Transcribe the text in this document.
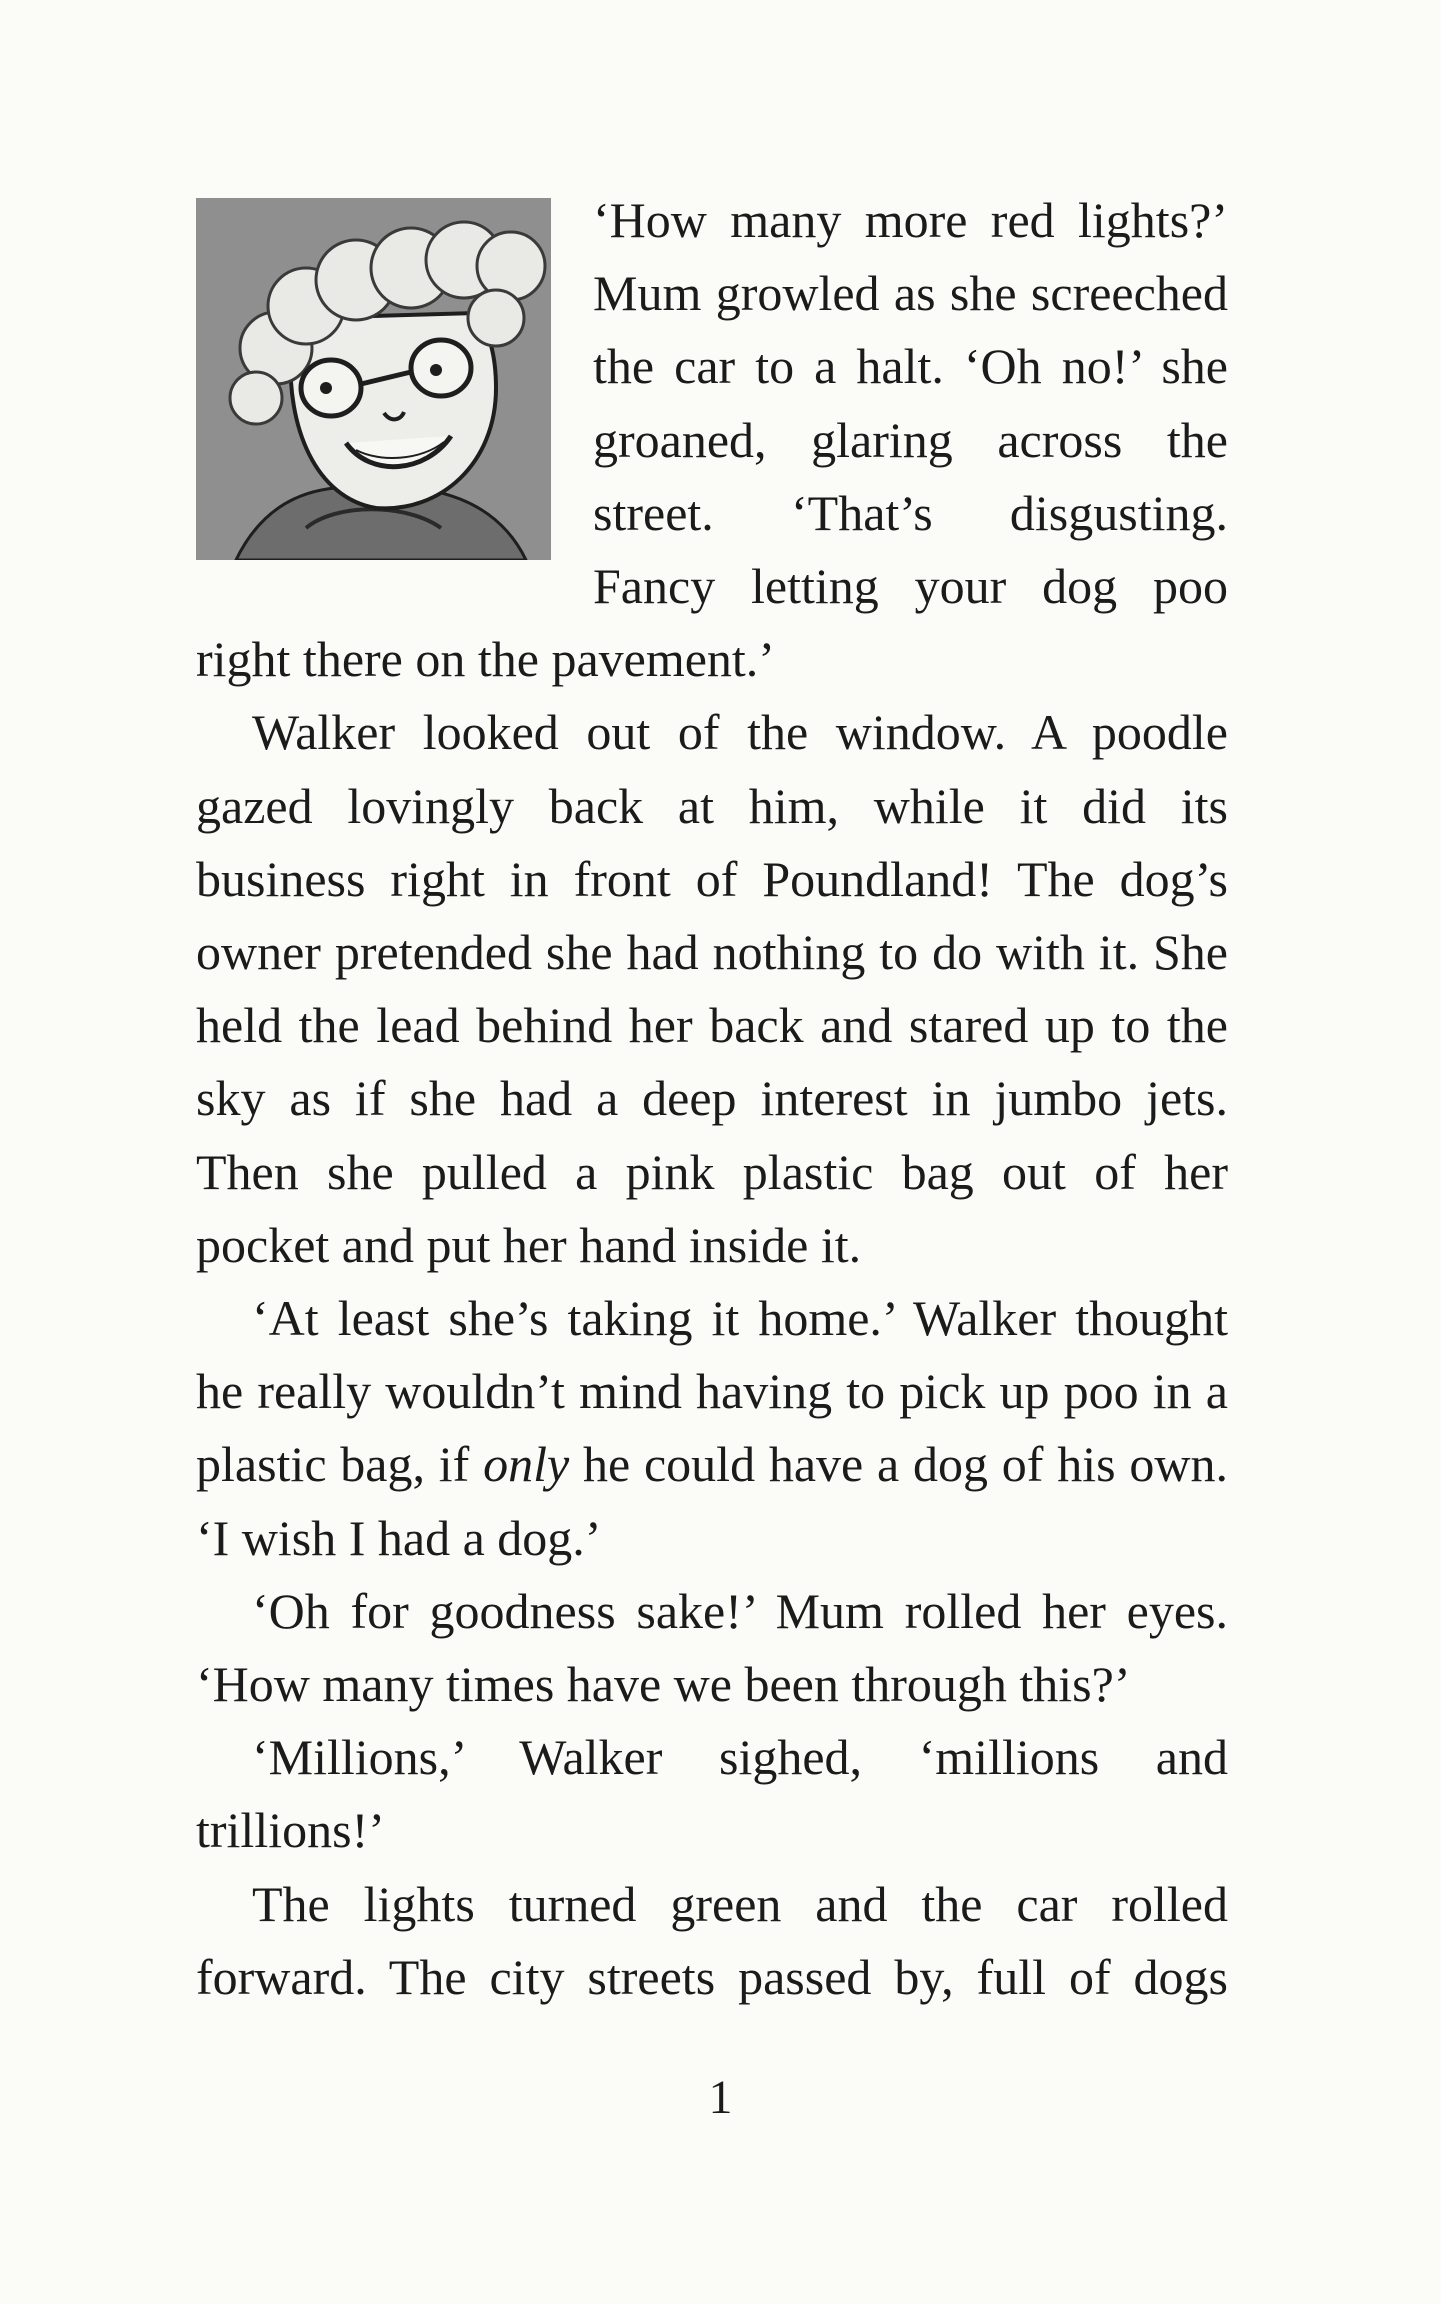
‘How many more red lights?’ Mum growled as she screeched the car to a halt. ‘Oh no!’ she groaned, glaring across the street. ‘That’s disgusting. Fancy letting your dog poo right there on the pavement.’

Walker looked out of the window. A poodle gazed lovingly back at him, while it did its business right in front of Poundland! The dog’s owner pretended she had nothing to do with it. She held the lead behind her back and stared up to the sky as if she had a deep interest in jumbo jets. Then she pulled a pink plastic bag out of her pocket and put her hand inside it.

‘At least she’s taking it home.’ Walker thought he really wouldn’t mind having to pick up poo in a plastic bag, if only he could have a dog of his own. ‘I wish I had a dog.’

‘Oh for goodness sake!’ Mum rolled her eyes. ‘How many times have we been through this?’

‘Millions,’ Walker sighed, ‘millions and trillions!’

The lights turned green and the car rolled forward. The city streets passed by, full of dogs

1
